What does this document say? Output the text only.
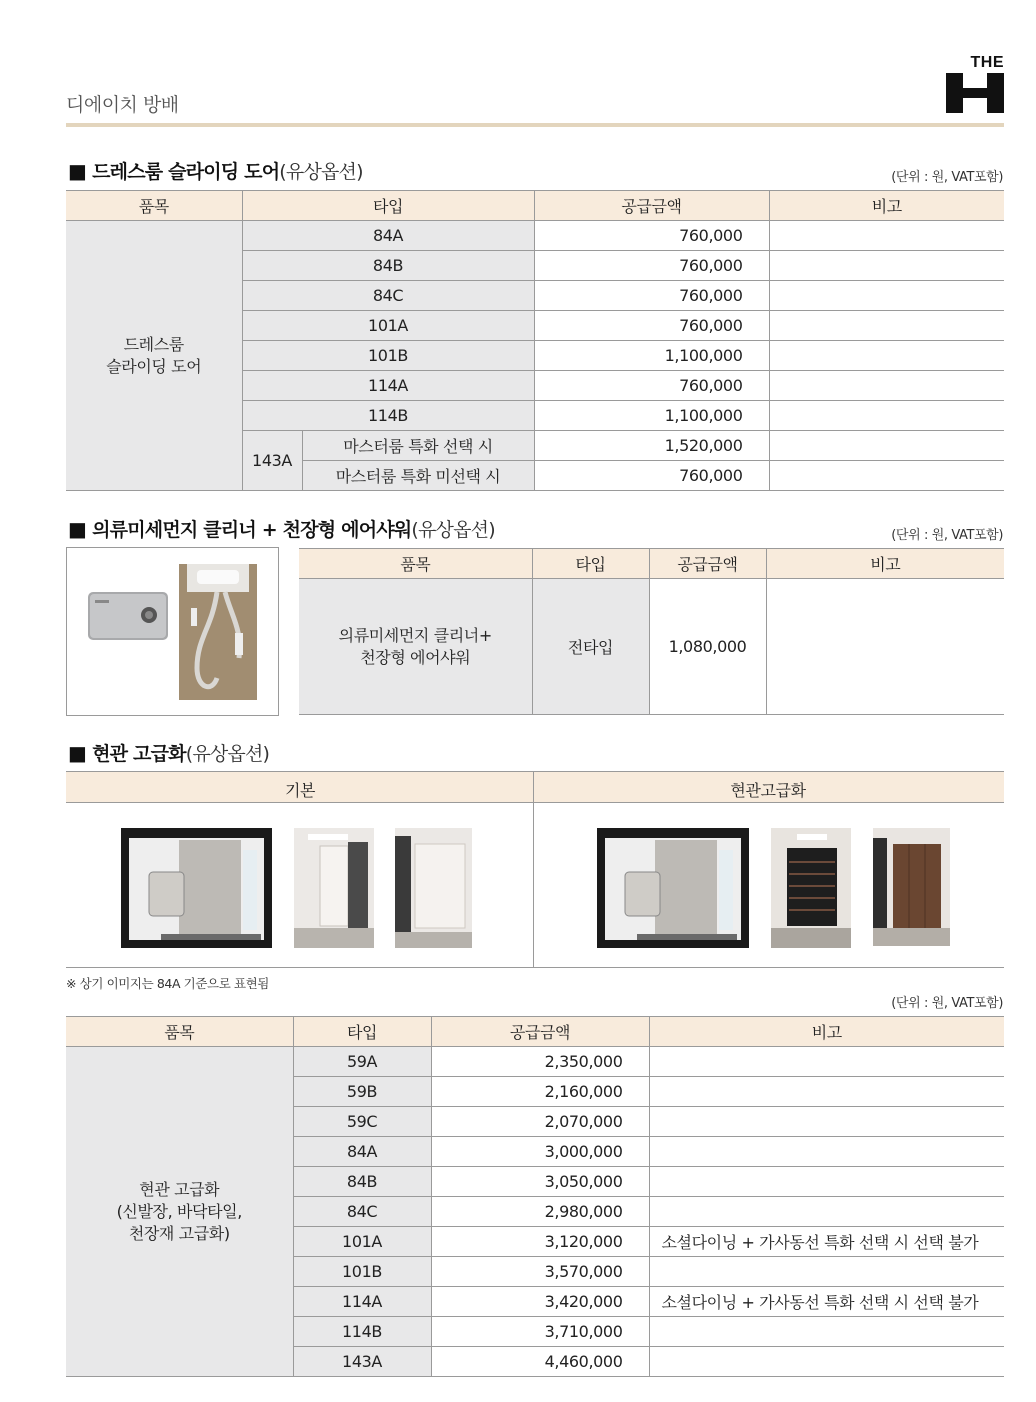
디에이치 방배
THE
■ 드레스룸 슬라이딩 도어(유상옵션)	(단위 : 원, VAT포함)
품목	타입		공급금액	비고

드레스룸
슬라이딩 도어	84A		760,000	
	84B		760,000	
	84C		760,000	
	101A		760,000	
	101B		1,100,000	
	114A		760,000	
	114B		1,100,000	
	143A	마스터룸 특화 선택 시	1,520,000	
		마스터룸 특화 미선택 시	760,000	
■ 의류미세먼지 클리너 + 천장형 에어샤워(유상옵션)	(단위 : 원, VAT포함)
품목	타입	공급금액	비고

의류미세먼지 클리너+
천장형 에어샤워	전타입	1,080,000	
■ 현관 고급화(유상옵션)
기본	현관고급화
※ 상기 이미지는 84A 기준으로 표현됨
(단위 : 원, VAT포함)
품목	타입	공급금액	비고

현관 고급화
(신발장, 바닥타일,
천장재 고급화)	59A	2,350,000	
	59B	2,160,000	
	59C	2,070,000	
	84A	3,000,000	
	84B	3,050,000	
	84C	2,980,000	
	101A	3,120,000	소셜다이닝 + 가사동선 특화 선택 시 선택 불가
	101B	3,570,000	
	114A	3,420,000	소셜다이닝 + 가사동선 특화 선택 시 선택 불가
	114B	3,710,000	
	143A	4,460,000	
